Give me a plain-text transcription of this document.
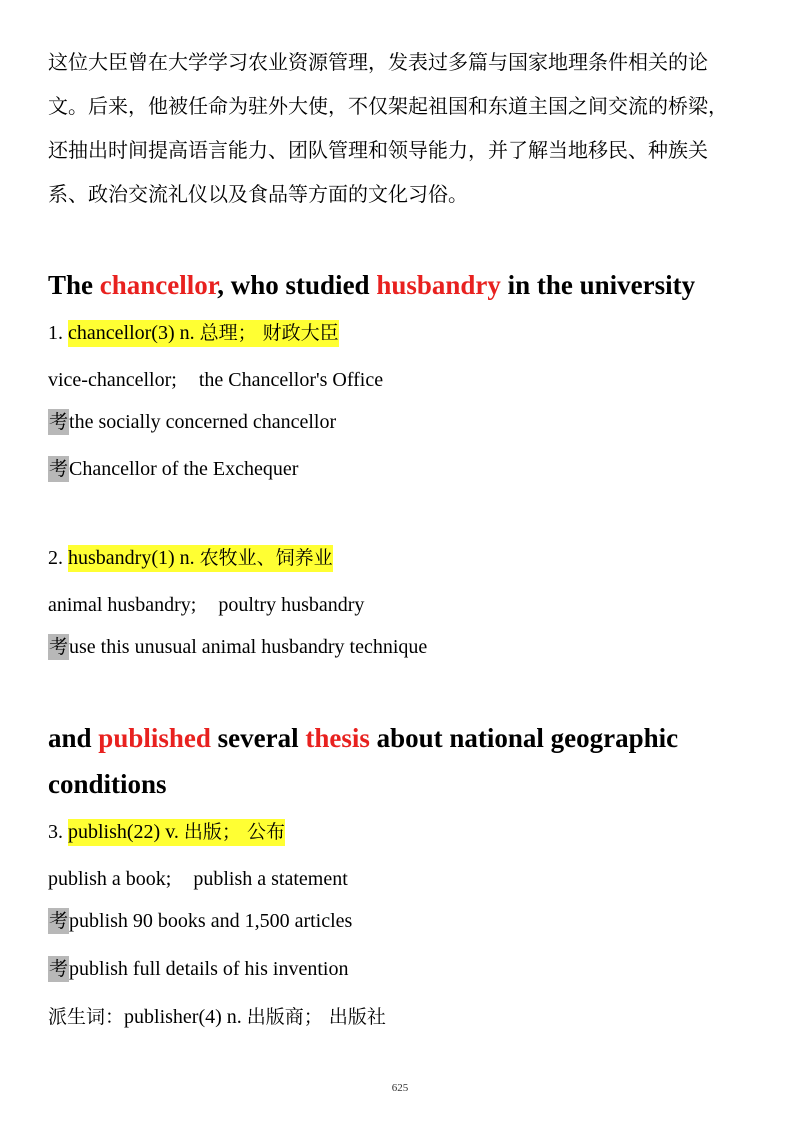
这位大臣曾在大学学习农业资源管理，发表过多篇与国家地理条件相关的论
文。后来，他被任命为驻外大使，不仅架起祖国和东道主国之间交流的桥梁，
还抽出时间提高语言能力、团队管理和领导能力，并了解当地移民、种族关
系、政治交流礼仪以及食品等方面的文化习俗。
The chancellor, who studied husbandry in the university
1. chancellor(3) n. 总理； 财政大臣
vice-chancellor; the Chancellor's Office
考the socially concerned chancellor
考Chancellor of the Exchequer
2. husbandry(1) n. 农牧业、饲养业
animal husbandry; poultry husbandry
考use this unusual animal husbandry technique
and published several thesis about national geographic
conditions
3. publish(22) v. 出版； 公布
publish a book; publish a statement
考publish 90 books and 1,500 articles
考publish full details of his invention
派生词：publisher(4) n. 出版商； 出版社
625
